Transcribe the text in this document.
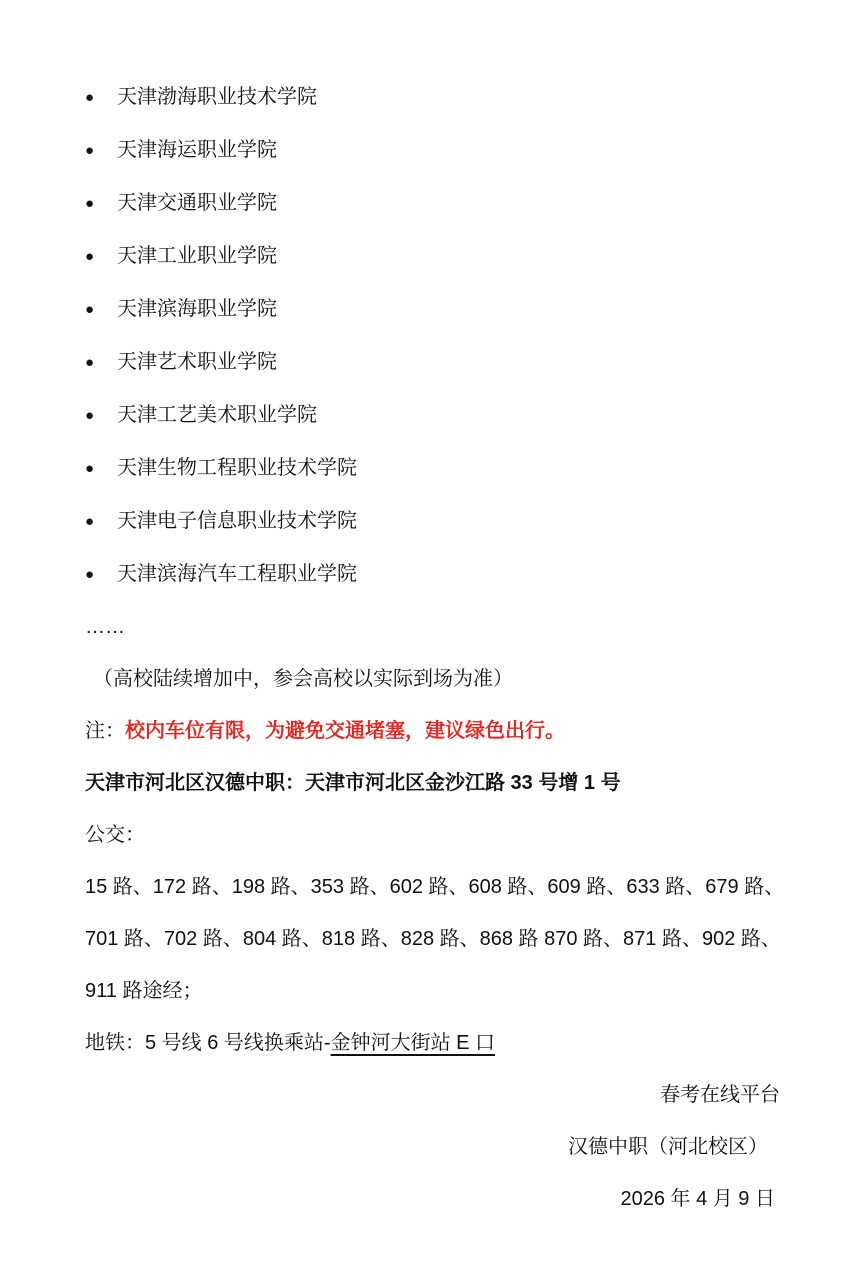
● 天津渤海职业技术学院
● 天津海运职业学院
● 天津交通职业学院
● 天津工业职业学院
● 天津滨海职业学院
● 天津艺术职业学院
● 天津工艺美术职业学院
● 天津生物工程职业技术学院
● 天津电子信息职业技术学院
● 天津滨海汽车工程职业学院

……

（高校陆续增加中，参会高校以实际到场为准）

注：校内车位有限，为避免交通堵塞，建议绿色出行。

天津市河北区汉德中职：天津市河北区金沙江路 33 号增 1 号

公交：

15 路、172 路、198 路、353 路、602 路、608 路、609 路、633 路、679 路、

701 路、702 路、804 路、818 路、828 路、868 路 870 路、871 路、902 路、

911 路途经；

地铁：5 号线 6 号线换乘站-金钟河大街站 E 口

春考在线平台

汉德中职（河北校区）

2026 年 4 月 9 日
